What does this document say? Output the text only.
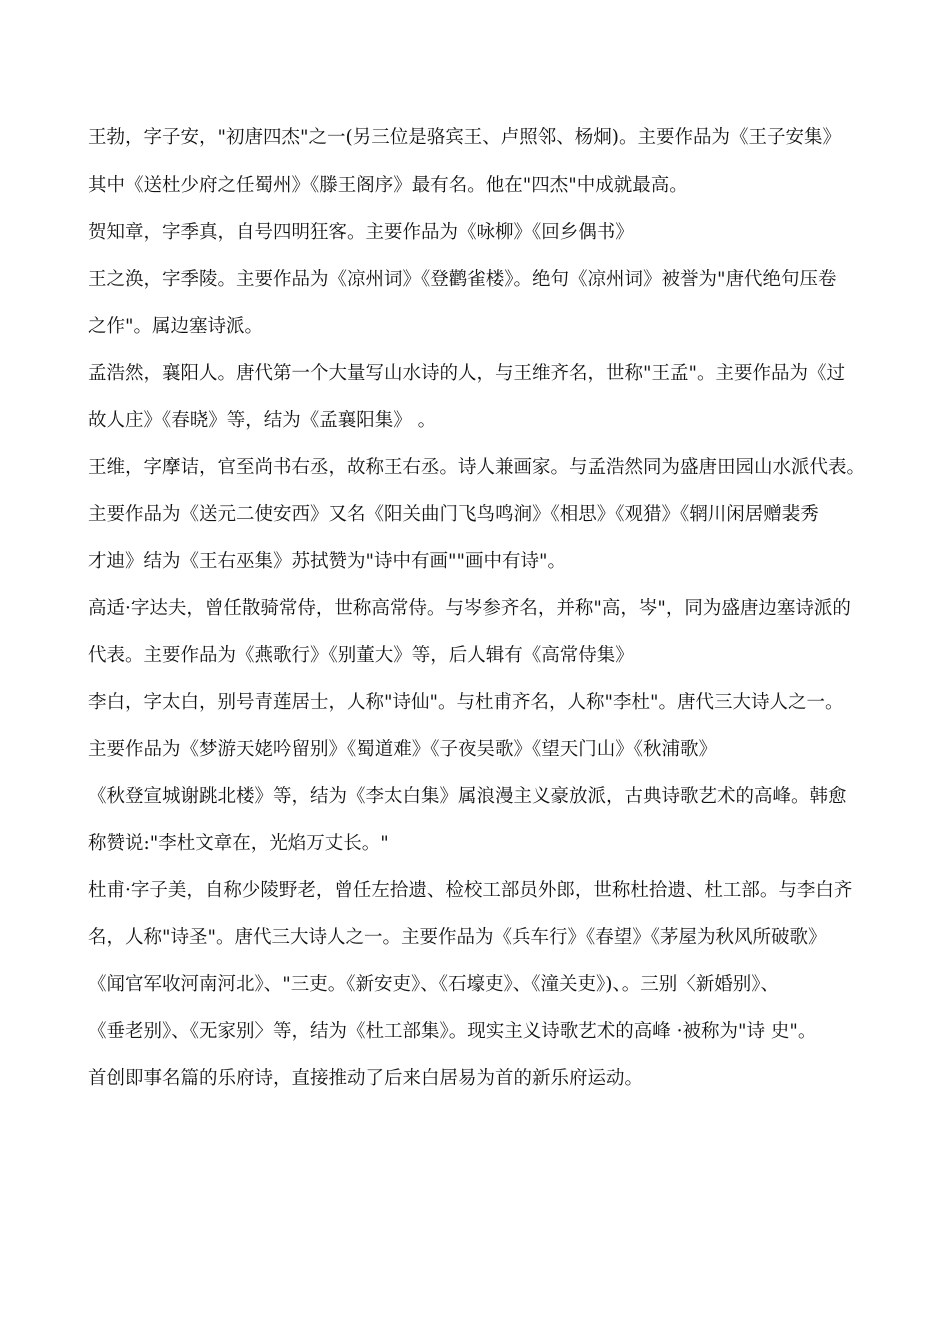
王勃，字子安，"初唐四杰"之一(另三位是骆宾王、卢照邻、杨炯)。主要作品为《王子安集》
其中《送杜少府之任蜀州》《滕王阁序》最有名。他在"四杰"中成就最高。
贺知章，字季真，自号四明狂客。主要作品为《咏柳》《回乡偶书》
王之涣，字季陵。主要作品为《凉州词》《登鹳雀楼》。绝句《凉州词》被誉为"唐代绝句压卷
之作"。属边塞诗派。
孟浩然，襄阳人。唐代第一个大量写山水诗的人，与王维齐名，世称"王孟"。主要作品为《过
故人庄》《春晓》等，结为《孟襄阳集》 。
王维，字摩诘，官至尚书右丞，故称王右丞。诗人兼画家。与孟浩然同为盛唐田园山水派代表。
主要作品为《送元二使安西》又名《阳关曲门飞鸟鸣涧》《相思》《观猎》《辋川闲居赠裴秀
才迪》结为《王右巫集》苏拭赞为"诗中有画""画中有诗"。
高适·字达夫，曾任散骑常侍，世称高常侍。与岑参齐名，并称"高，岑"，同为盛唐边塞诗派的
代表。主要作品为《燕歌行》《别董大》等，后人辑有《高常侍集》
李白，字太白，别号青莲居士，人称"诗仙"。与杜甫齐名，人称"李杜"。唐代三大诗人之一。
主要作品为《梦游天姥吟留别》《蜀道难》《子夜吴歌》《望天门山》《秋浦歌》
《秋登宣城谢跳北楼》等，结为《李太白集》属浪漫主义豪放派，古典诗歌艺术的高峰。韩愈
称赞说:"李杜文章在，光焰万丈长。"
杜甫·字子美，自称少陵野老，曾任左拾遗、检校工部员外郎，世称杜拾遗、杜工部。与李白齐
名，人称"诗圣"。唐代三大诗人之一。主要作品为《兵车行》《春望》《茅屋为秋风所破歌》
《闻官军收河南河北》、"三吏。《新安吏》、《石壕吏》、《潼关吏》)、。三别〈新婚别》、
《垂老别》、《无家别〉等，结为《杜工部集》。现实主义诗歌艺术的高峰 ·被称为"诗 史"。
首创即事名篇的乐府诗，直接推动了后来白居易为首的新乐府运动。
